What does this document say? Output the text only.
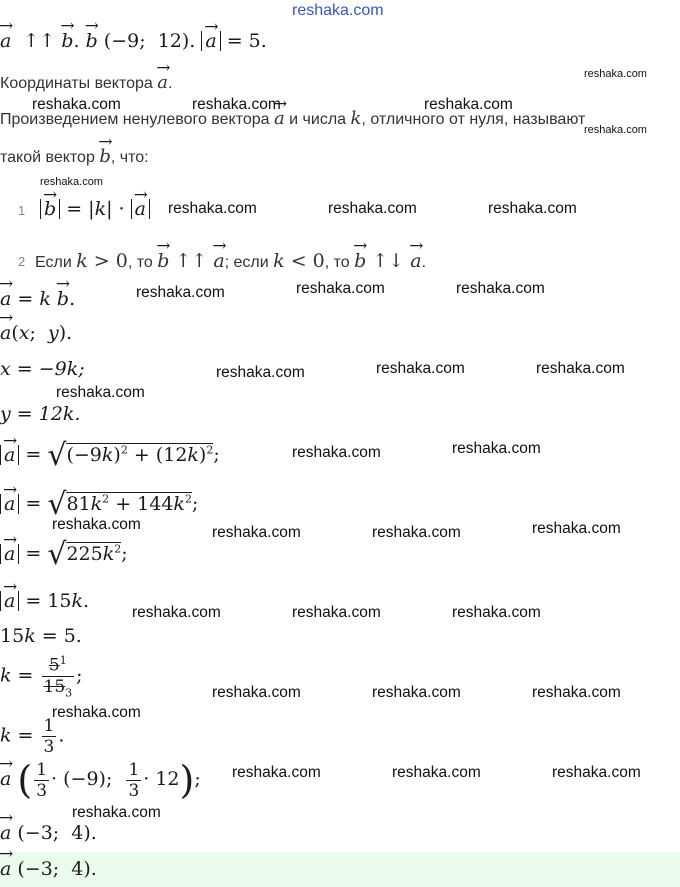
reshaka.com
→ a ↑↑ → b. → b (−9;  12). → a = 5.
Координаты вектора → a.
Произведением ненулевого вектора → a и числа k, отличного от нуля, называют
такой вектор → b, что:
1 → b = |k| · → a
2 Если k > 0, то → b ↑↑ → a; если k < 0, то → b ↑↓ → a.
→ a = k → b.
→ a(x;  y).
x = −9k;
y = 12k.
→ $a = √(-9k)^2 + (12k)^2$;
→ $a = √81k^2 + 144k^2$;
→ $a = √225k^2$;
→ a = 15k.
15k = 5.
$k = \frac{5^1}{15_3}$ ;
$k = \frac{1}{3}$ .
→ a ( $\frac{1}{3} \cdot (-9)$; $\frac{1}{3} \cdot 12$);
→ a (−3;  4).
→ a (−3;  4).
reshaka.com
reshaka.com	reshaka.com	reshaka.com
reshaka.com
reshaka.com
reshaka.com	reshaka.com	reshaka.com
reshaka.com	reshaka.com	reshaka.com
reshaka.com	reshaka.com	reshaka.com
reshaka.com
reshaka.com	reshaka.com
reshaka.com	reshaka.com	reshaka.com	reshaka.com
reshaka.com	reshaka.com	reshaka.com
reshaka.com	reshaka.com	reshaka.com
reshaka.com
reshaka.com	reshaka.com	reshaka.com
reshaka.com
